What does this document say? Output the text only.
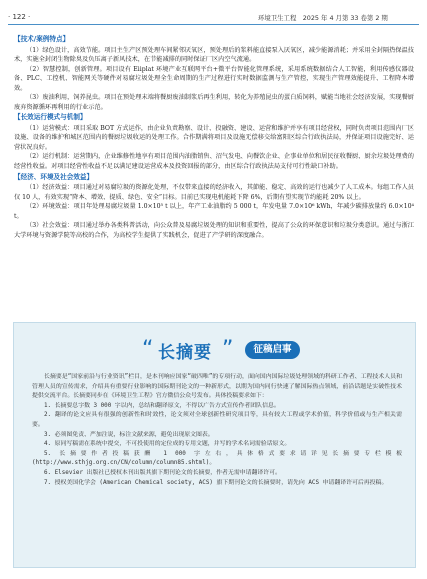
· 122 ·	环境卫生工程　2025 年 4 月第 33 卷第 2 期
【技术/案例特点】
（1）绿色设计，高效节能。项目主生产区预处理车间紧邻厌氧区，预处理后的浆料能直接泵入厌氧区，减少能源消耗；并采用全封隔热保温技术，实施全封闭生物除臭及负压离子新风技术，在节能减排的同时保证厂区内空气流通。
（2）智慧控制，创新管理。项目设有 Eiiplat 环境产业互联网平台+微平台智能化管理系统，采用系统数据结合人工智能，利用传感仪器设备、PLC、工控机、智能网关等硬件对易腐垃圾处理全生命周期的生产过程进行实时数据监测与生产管控，实现生产管理效能提升、工程降本增效。
（3）废油利用，饲养昆虫。项目在预处理末端将餐厨废油制浆后再生利用，转化为养殖昆虫的蛋白质饲料，赋能当地社会经济发展，实现餐厨废弃资源循环再利用的行业示范。
【长效运行模式与机制】
（1）运营模式：项目采取 BOT 方式运作，由企业负责勘察、设计、投融资、建设、运营和维护并享有项目经营权，同时负责项目范围内厂区设施、设备的维护和城区范围内的餐厨垃圾收运的处理工作。合作期满将项目及设施无偿移交给富阳区综合行政执法局，并保证项目设施完好、运营状况良好。
（2）运行机制：运营期内，企业维修性地享有项目范围内油脂销售、沼气发电、向餐饮企业、企事业单位和居民征收餐厨、厨余垃圾处理费的经营性收益。对项目经营性收益不足以满足建设运营成本及投资回报的部分，由区综合行政执法局支付可行性缺口补助。
【经济、环境及社会效益】
（1）经济效益：项目通过对易腐垃圾的资源化处理，不仅带来直接的经济收入，其節能、稳定、高效的运行也减少了人工成本。每组工作人员仅 10 人，有效实现“降本、增效、提质、绿色、安全”目标。目前已实现电机能耗下降 6%，后期有望实现节约能耗 20% 以上。
（2）环境效益：项目年处理易腐垃圾量 1.0×10⁵ t 以上，年产工业油脂约 5 000 t，年发电量 7.0×10⁶ kWh，年减少碳排放量约 6.0×10⁴ t。
（3）社会效益：项目通过举办各类科普活动，向公众普及易腐垃圾处理的知识和重要性，提高了公众的环保意识和垃圾分类意识。通过与浙江大学环境与资源学院等高校的合作，为高校学生提供了实践机会，促进了产学研的深度融合。
“ 长摘要 ”	征稿启事

长摘要是“国家前沿与行业资讯”栏目，是本刊响应国家“破四唯”的专项行动，面向国内国际垃圾处理领域的科研工作者、工程技术人员和管理人员的宣传需求，介绍具有重要行业影响的国际期刊论文的一种新形式，以期为国内同行快速了解国际热点领域，前沿话题是实破性技术提供交流平台。长摘要同步在《环境卫生工程》官方微信公众号发布。具体投稿要求如下：

1. 长摘要总字数 3 000 字以内，总结和翻译原文，不得以广告方式宣传作者团队信息。

2. 翻译的论文应具有很强的创新性和时效性，论文须对全球创新性研究项目等，具有较大工程或学术价值，科学价值或与生产相关需要。

3. 必须图免责、严加注说，标注文献来源，避免出现原文图表。

4. 原同写稿需在系统中提交，不可投使用的定位成的专用文题，并写的学术名词需验话原文。

5. 长摘要作者投稿获酬 1 000 字左右，具体格式要求请详见长摘要专栏模板 (http://www.sthjg.org.cn/CN/column/column85.shtml)。

6. Elsevier 出版社已授权本刊出版其旗下期刊论文的长摘要，作者无需申请翻译许可。

7. 授权美国化学会 (American Chemical society, ACS) 旗下期刊论文的长摘要时，请先向 ACS 申请翻译许可后再投稿。
